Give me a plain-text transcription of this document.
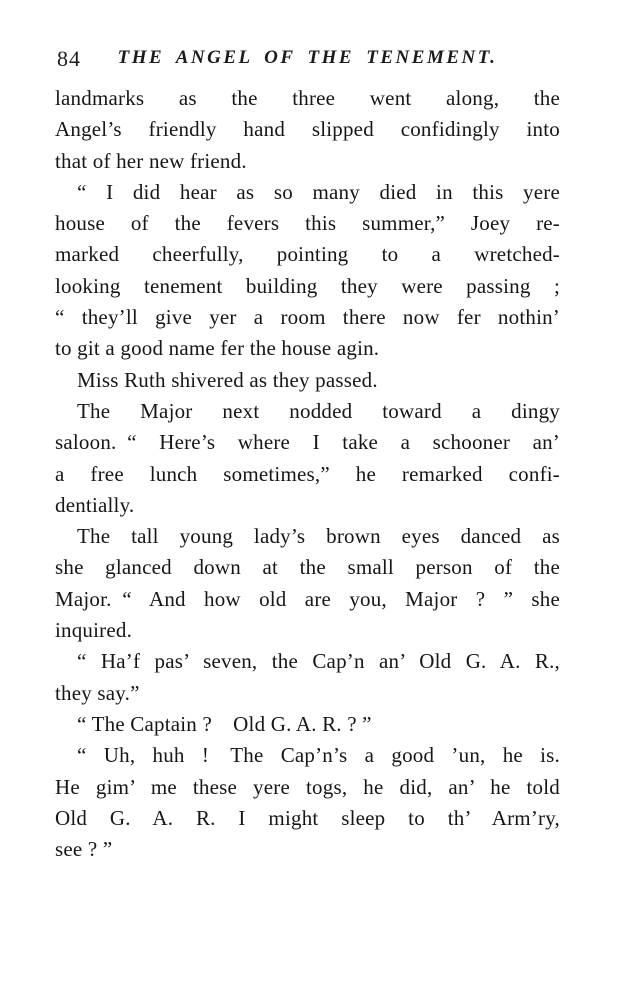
84	THE ANGEL OF THE TENEMENT.

landmarks as the three went along, the
Angel’s friendly hand slipped confidingly into
that of her new friend.

“ I did hear as so many died in this yere
house of the fevers this summer,” Joey re-
marked cheerfully, pointing to a wretched-
looking tenement building they were passing ;
“ they’ll give yer a room there now fer nothin’
to git a good name fer the house agin.

Miss Ruth shivered as they passed.

The Major next nodded toward a dingy
saloon. “ Here’s where I take a schooner an’
a free lunch sometimes,” he remarked confi-
dentially.

The tall young lady’s brown eyes danced as
she glanced down at the small person of the
Major. “ And how old are you, Major ? ” she
inquired.

“ Ha’f pas’ seven, the Cap’n an’ Old G. A. R.,
they say.”

“ The Captain ? Old G. A. R. ? ”

“ Uh, huh ! The Cap’n’s a good ’un, he is.
He gim’ me these yere togs, he did, an’ he told
Old G. A. R. I might sleep to th’ Arm’ry,
see ? ”
